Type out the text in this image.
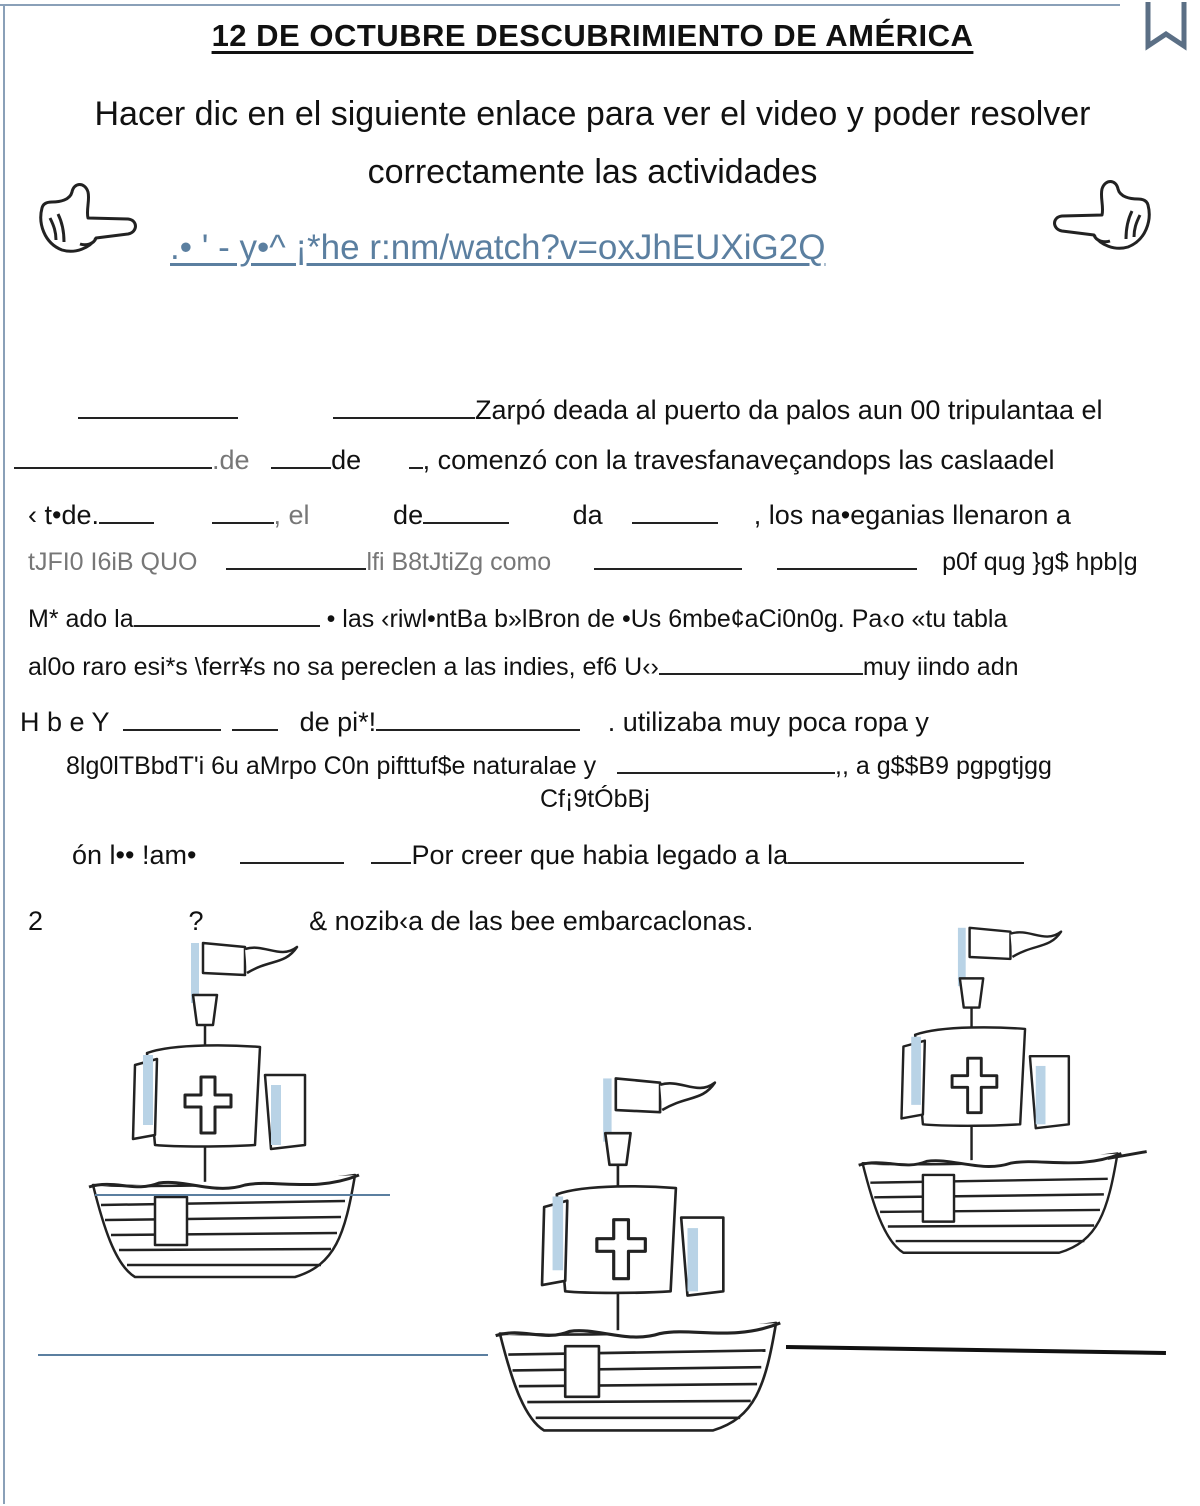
12 DE OCTUBRE DESCUBRIMIENTO DE AMÉRICA
Hacer dic en el siguiente enlace para ver el video y poder resolver
correctamente las actividades
.• ' - y•^ ¡*he r:nm/watch?v=oxJhEUXiG2Q
Zarpó deada al puerto da palos aun 00 tripulantaa el
.de	de , comenzó con la travesfanaveçandops las caslaadel
‹ t•de.	, el	de	da	, los na•eganias llenaron a
tJFI0 I6iB QUO	lfi B8tJtiZg como	p0f qug }g$ hpb|g
M* ado la	• las ‹riwl•ntBa b»lBron de •Us 6mbe¢aCi0n0g. Pa‹o «tu tabla
al0o raro esi*s \ferr¥s no sa pereclen a las indies, ef6 U‹›	muy iindo adn
H b e Y	de pi*!	. utilizaba muy poca ropa y
8lg0lTBbdT'i 6u aMrpo C0n pifttuf$e naturalae y	,, a g$$B9 pgpgtjgg
Cf¡9tÓbBj
ón l•• !am•	Por creer que habia legado a la
2	?	& nozib‹a de las bee embarcaclonas.
